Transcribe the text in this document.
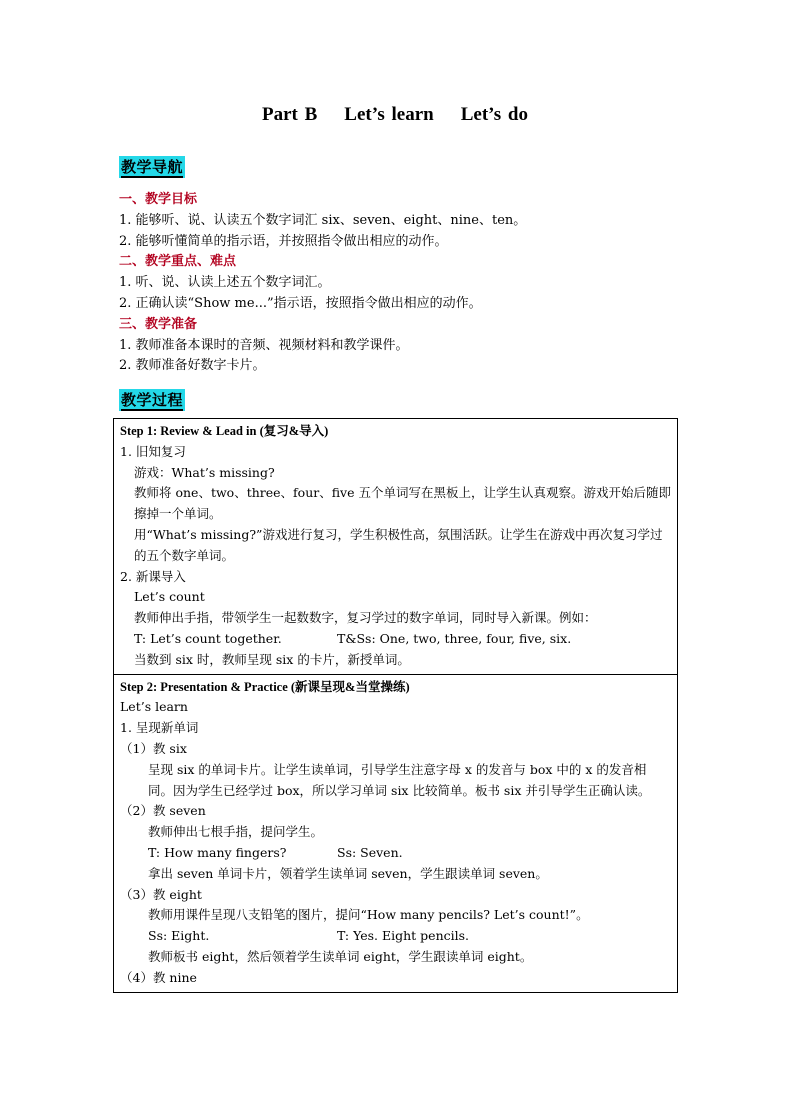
Part B    Let’s learn    Let’s do
教学导航
一、教学目标
1. 能够听、说、认读五个数字词汇 six、seven、eight、nine、ten。
2. 能够听懂简单的指示语，并按照指令做出相应的动作。
二、教学重点、难点
1. 听、说、认读上述五个数字词汇。
2. 正确认读“Show me...”指示语，按照指令做出相应的动作。
三、教学准备
1. 教师准备本课时的音频、视频材料和教学课件。
2. 教师准备好数字卡片。
教学过程
Step 1: Review & Lead in (复习&导入)
1. 旧知复习
游戏：What’s missing?
教师将 one、two、three、four、five 五个单词写在黑板上，让学生认真观察。游戏开始后随即擦掉一个单词。
用“What’s missing?”游戏进行复习，学生积极性高，氛围活跃。让学生在游戏中再次复习学过的五个数字单词。
2. 新课导入
Let’s count
教师伸出手指，带领学生一起数数字，复习学过的数字单词，同时导入新课。例如：
T: Let’s count together.	T&Ss: One, two, three, four, five, six.
当数到 six 时，教师呈现 six 的卡片，新授单词。
Step 2: Presentation & Practice (新课呈现&当堂操练)
Let’s learn
1. 呈现新单词
（1）教 six
呈现 six 的单词卡片。让学生读单词，引导学生注意字母 x 的发音与 box 中的 x 的发音相同。因为学生已经学过 box，所以学习单词 six 比较简单。板书 six 并引导学生正确认读。
（2）教 seven
教师伸出七根手指，提问学生。
T: How many fingers?	Ss: Seven.
拿出 seven 单词卡片，领着学生读单词 seven，学生跟读单词 seven。
（3）教 eight
教师用课件呈现八支铅笔的图片，提问“How many pencils? Let’s count!”。
Ss: Eight.	T: Yes. Eight pencils.
教师板书 eight，然后领着学生读单词 eight，学生跟读单词 eight。
（4）教 nine
